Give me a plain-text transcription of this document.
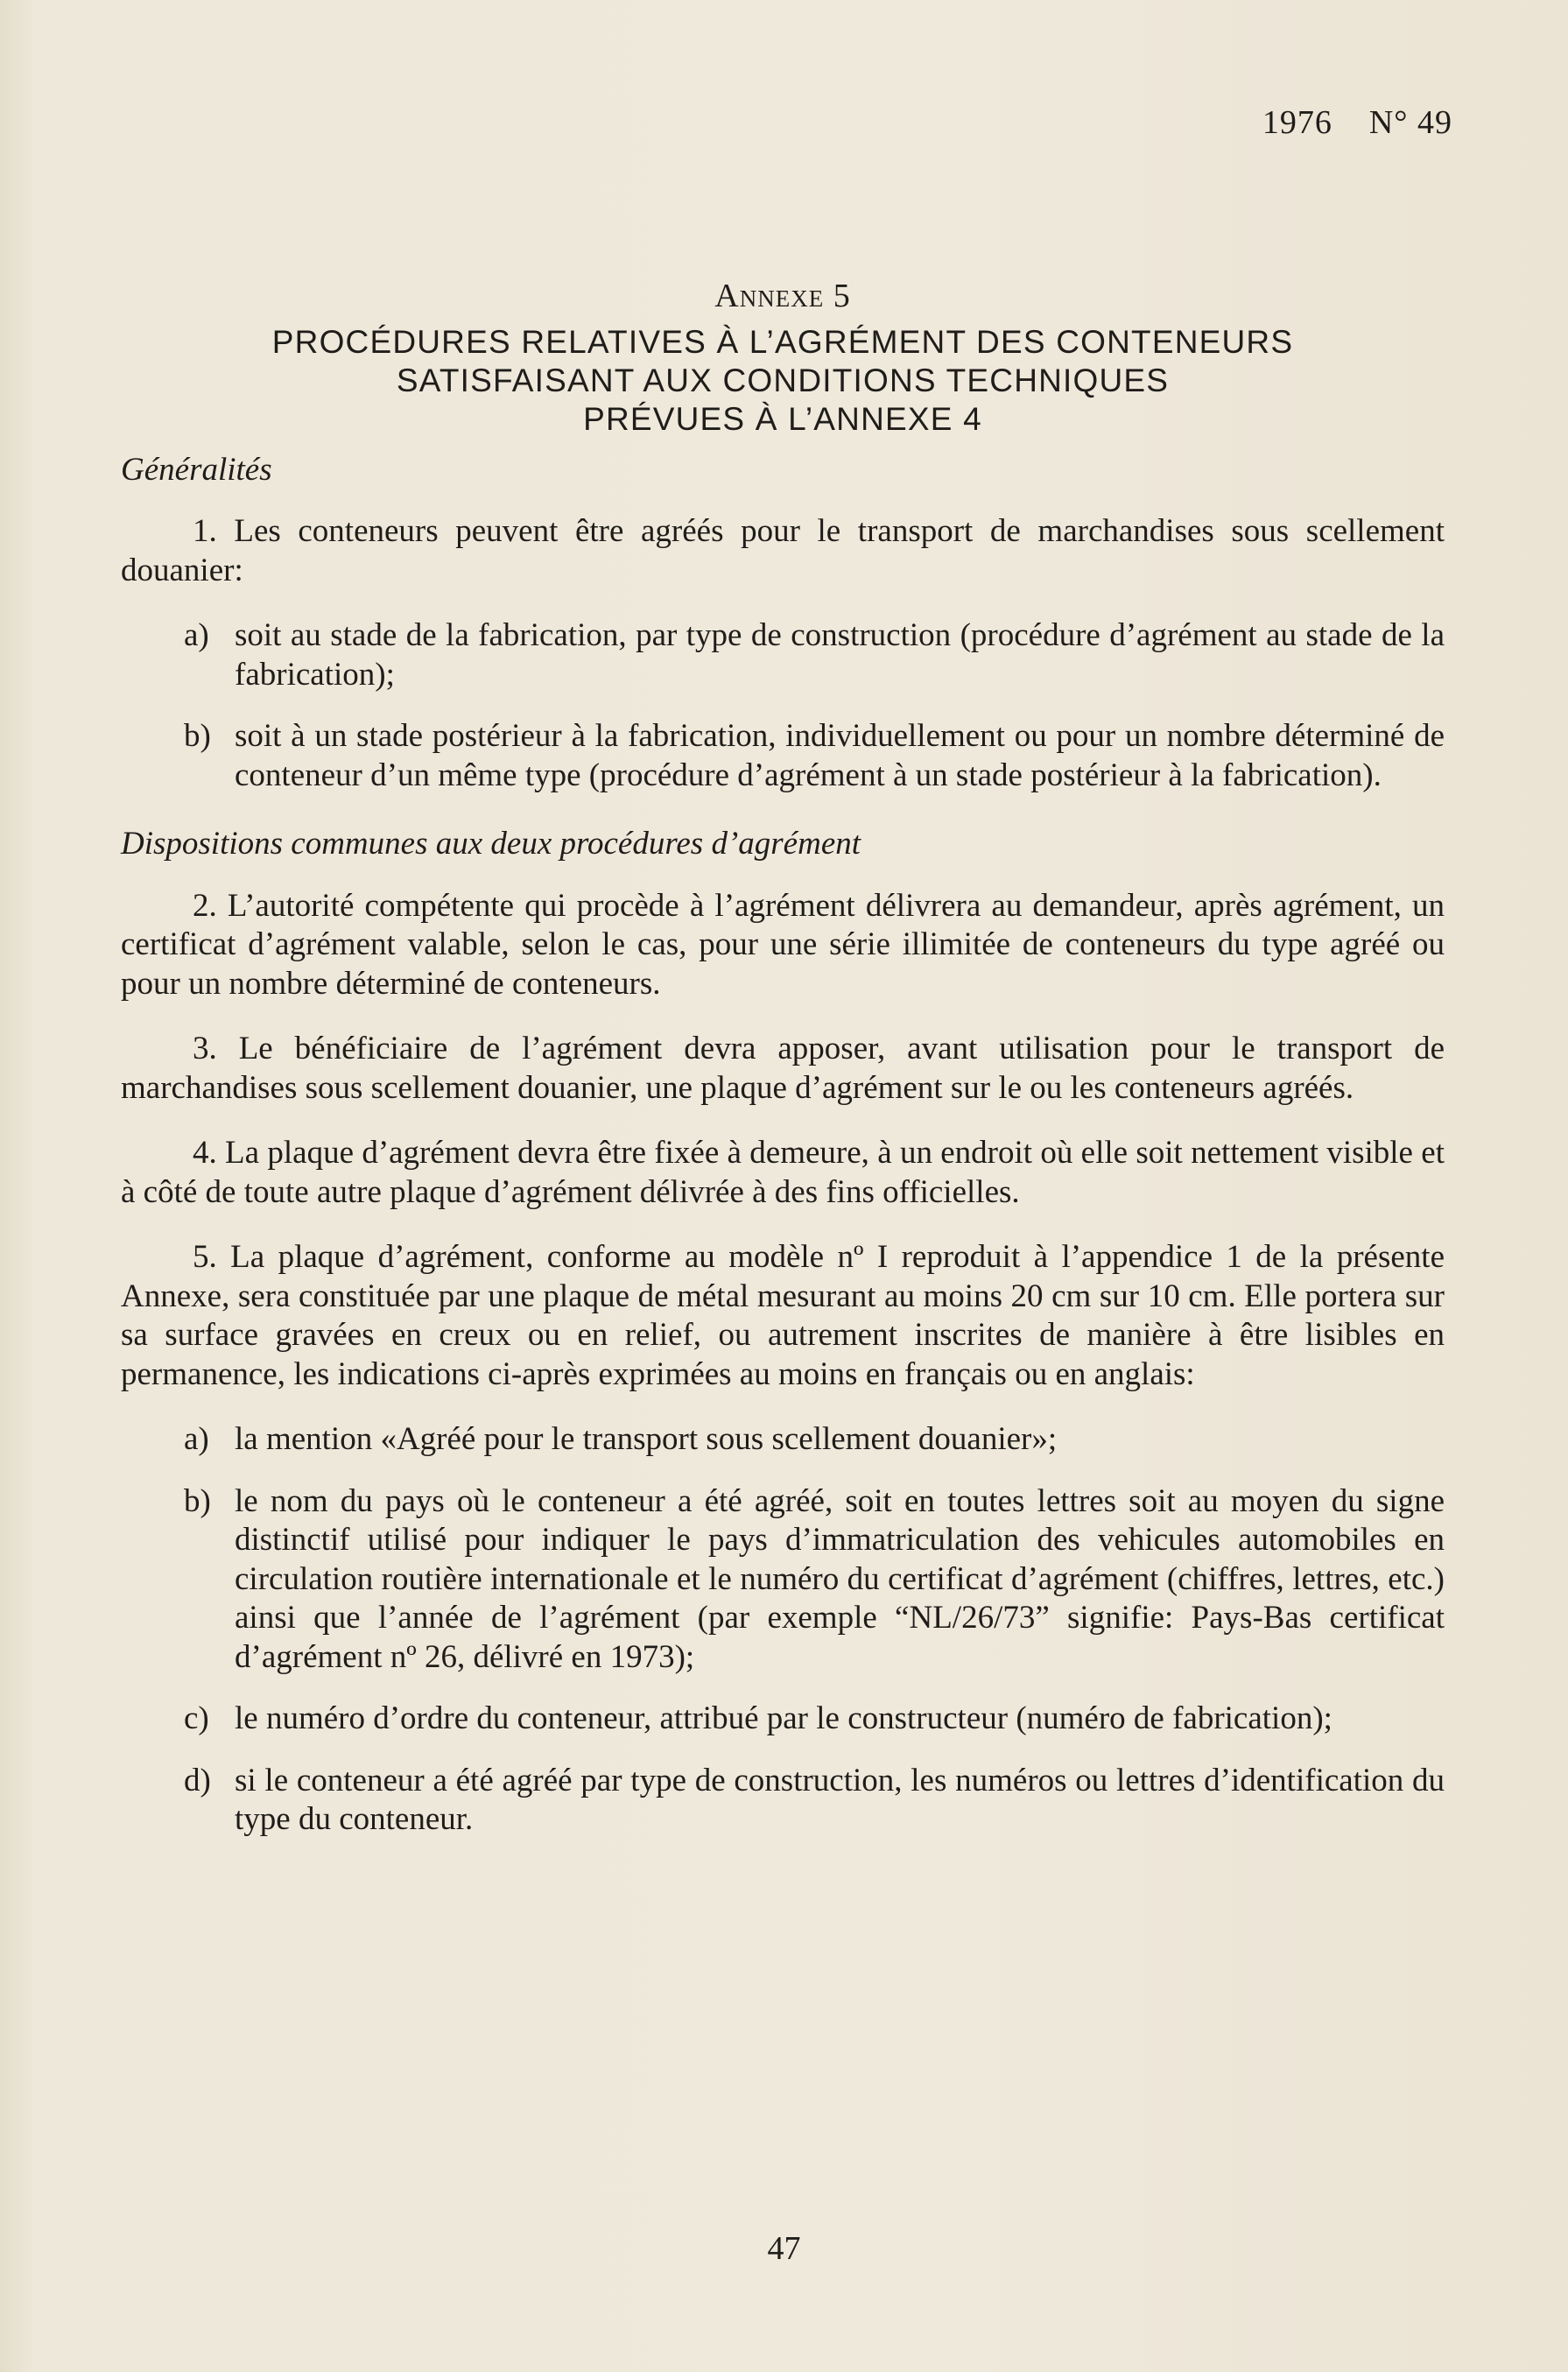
1976 N° 49
Annexe 5
PROCÉDURES RELATIVES À L’AGRÉMENT DES CONTENEURS
SATISFAISANT AUX CONDITIONS TECHNIQUES
PRÉVUES À L’ANNEXE 4
Généralités

1. Les conteneurs peuvent être agréés pour le transport de marchandises sous scellement douanier:

a) soit au stade de la fabrication, par type de construction (procédure d’agrément au stade de la fabrication);
b) soit à un stade postérieur à la fabrication, individuellement ou pour un nombre déterminé de conteneur d’un même type (procédure d’agrément à un stade postérieur à la fabrication).
Dispositions communes aux deux procédures d’agrément

2. L’autorité compétente qui procède à l’agrément délivrera au demandeur, après agrément, un certificat d’agrément valable, selon le cas, pour une série illimitée de conteneurs du type agréé ou pour un nombre déterminé de conteneurs.

3. Le bénéficiaire de l’agrément devra apposer, avant utilisation pour le transport de marchandises sous scellement douanier, une plaque d’agrément sur le ou les conteneurs agréés.

4. La plaque d’agrément devra être fixée à demeure, à un endroit où elle soit nettement visible et à côté de toute autre plaque d’agrément délivrée à des fins officielles.

5. La plaque d’agrément, conforme au modèle nº I reproduit à l’appendice 1 de la présente Annexe, sera constituée par une plaque de métal mesurant au moins 20 cm sur 10 cm. Elle portera sur sa surface gravées en creux ou en relief, ou autrement inscrites de manière à être lisibles en permanence, les indications ci-après exprimées au moins en français ou en anglais:

a) la mention «Agréé pour le transport sous scellement douanier»;
b) le nom du pays où le conteneur a été agréé, soit en toutes lettres soit au moyen du signe distinctif utilisé pour indiquer le pays d’immatriculation des vehicules automobiles en circulation routière internationale et le numéro du certificat d’agrément (chiffres, lettres, etc.) ainsi que l’année de l’agrément (par exemple “NL/26/73” signifie: Pays-Bas certificat d’agrément nº 26, délivré en 1973);
c) le numéro d’ordre du conteneur, attribué par le constructeur (numéro de fabrication);
d) si le conteneur a été agréé par type de construction, les numéros ou lettres d’identification du type du conteneur.
47
